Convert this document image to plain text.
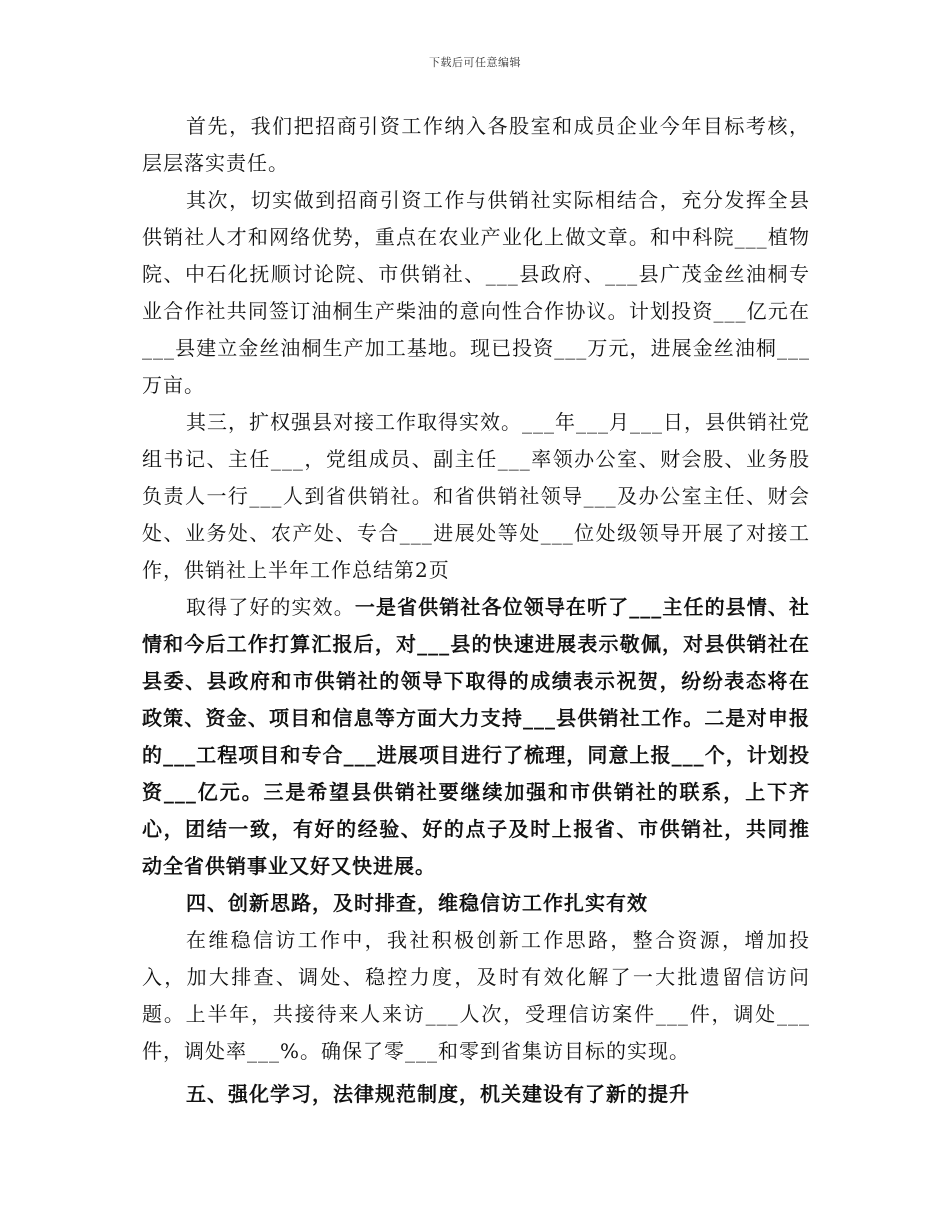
下载后可任意编辑

首先，我们把招商引资工作纳入各股室和成员企业今年目标考核，层层落实责任。

其次，切实做到招商引资工作与供销社实际相结合，充分发挥全县供销社人才和网络优势，重点在农业产业化上做文章。和中科院___植物院、中石化抚顺讨论院、市供销社、___县政府、___县广茂金丝油桐专业合作社共同签订油桐生产柴油的意向性合作协议。计划投资___亿元在___县建立金丝油桐生产加工基地。现已投资___万元，进展金丝油桐___万亩。

其三，扩权强县对接工作取得实效。___年___月___日，县供销社党组书记、主任___，党组成员、副主任___率领办公室、财会股、业务股负责人一行___人到省供销社。和省供销社领导___及办公室主任、财会处、业务处、农产处、专合___进展处等处___位处级领导开展了对接工作，供销社上半年工作总结第2页

取得了好的实效。一是省供销社各位领导在听了___主任的县情、社情和今后工作打算汇报后，对___县的快速进展表示敬佩，对县供销社在县委、县政府和市供销社的领导下取得的成绩表示祝贺，纷纷表态将在政策、资金、项目和信息等方面大力支持___县供销社工作。二是对申报的___工程项目和专合___进展项目进行了梳理，同意上报___个，计划投资___亿元。三是希望县供销社要继续加强和市供销社的联系，上下齐心，团结一致，有好的经验、好的点子及时上报省、市供销社，共同推动全省供销事业又好又快进展。

四、创新思路，及时排查，维稳信访工作扎实有效

在维稳信访工作中，我社积极创新工作思路，整合资源，增加投入，加大排查、调处、稳控力度，及时有效化解了一大批遗留信访问题。上半年，共接待来人来访___人次，受理信访案件___件，调处___件，调处率___%。确保了零___和零到省集访目标的实现。

五、强化学习，法律规范制度，机关建设有了新的提升
